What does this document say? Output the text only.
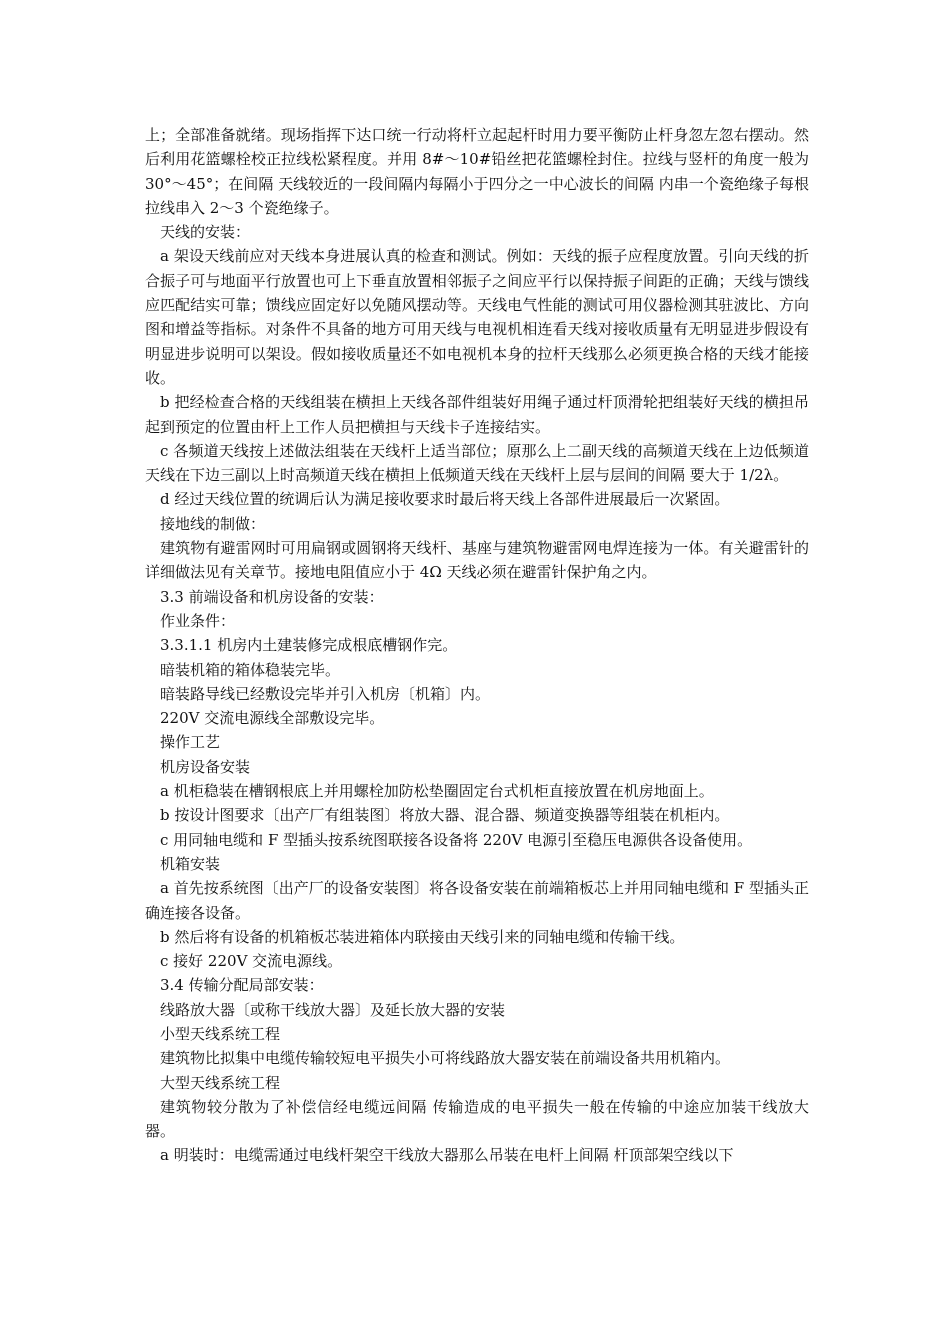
上；全部准备就绪。现场指挥下达口统一行动将杆立起起杆时用力要平衡防止杆身忽左忽右摆动。然后利用花篮螺栓校正拉线松紧程度。并用 8#～10#铅丝把花篮螺栓封住。拉线与竖杆的角度一般为 30°～45°；在间隔 天线较近的一段间隔内每隔小于四分之一中心波长的间隔 内串一个瓷绝缘子每根拉线串入 2～3 个瓷绝缘子。

天线的安装：

a 架设天线前应对天线本身进展认真的检查和测试。例如：天线的振子应程度放置。引向天线的折合振子可与地面平行放置也可上下垂直放置相邻振子之间应平行以保持振子间距的正确；天线与馈线应匹配结实可靠；馈线应固定好以免随风摆动等。天线电气性能的测试可用仪器检测其驻波比、方向图和增益等指标。对条件不具备的地方可用天线与电视机相连看天线对接收质量有无明显进步假设有明显进步说明可以架设。假如接收质量还不如电视机本身的拉杆天线那么必须更换合格的天线才能接收。

b 把经检查合格的天线组装在横担上天线各部件组装好用绳子通过杆顶滑轮把组装好天线的横担吊起到预定的位置由杆上工作人员把横担与天线卡子连接结实。

c 各频道天线按上述做法组装在天线杆上适当部位；原那么上二副天线的高频道天线在上边低频道天线在下边三副以上时高频道天线在横担上低频道天线在天线杆上层与层间的间隔 要大于 1/2λ。

d 经过天线位置的统调后认为满足接收要求时最后将天线上各部件进展最后一次紧固。

接地线的制做：

建筑物有避雷网时可用扁钢或圆钢将天线杆、基座与建筑物避雷网电焊连接为一体。有关避雷针的详细做法见有关章节。接地电阻值应小于 4Ω 天线必须在避雷针保护角之内。

3.3 前端设备和机房设备的安装：

作业条件：

3.3.1.1 机房内土建装修完成根底槽钢作完。

暗装机箱的箱体稳装完毕。

暗装路导线已经敷设完毕并引入机房〔机箱〕内。

220V 交流电源线全部敷设完毕。

操作工艺

机房设备安装

a 机柜稳装在槽钢根底上并用螺栓加防松垫圈固定台式机柜直接放置在机房地面上。

b 按设计图要求〔出产厂有组装图〕将放大器、混合器、频道变换器等组装在机柜内。

c 用同轴电缆和 F 型插头按系统图联接各设备将 220V 电源引至稳压电源供各设备使用。

机箱安装

a 首先按系统图〔出产厂的设备安装图〕将各设备安装在前端箱板芯上并用同轴电缆和 F 型插头正确连接各设备。

b 然后将有设备的机箱板芯装进箱体内联接由天线引来的同轴电缆和传输干线。

c 接好 220V 交流电源线。

3.4 传输分配局部安装：

线路放大器〔或称干线放大器〕及延长放大器的安装

小型天线系统工程

建筑物比拟集中电缆传输较短电平损失小可将线路放大器安装在前端设备共用机箱内。

大型天线系统工程

建筑物较分散为了补偿信经电缆远间隔 传输造成的电平损失一般在传输的中途应加装干线放大器。

a 明装时：电缆需通过电线杆架空干线放大器那么吊装在电杆上间隔 杆顶部架空线以下
